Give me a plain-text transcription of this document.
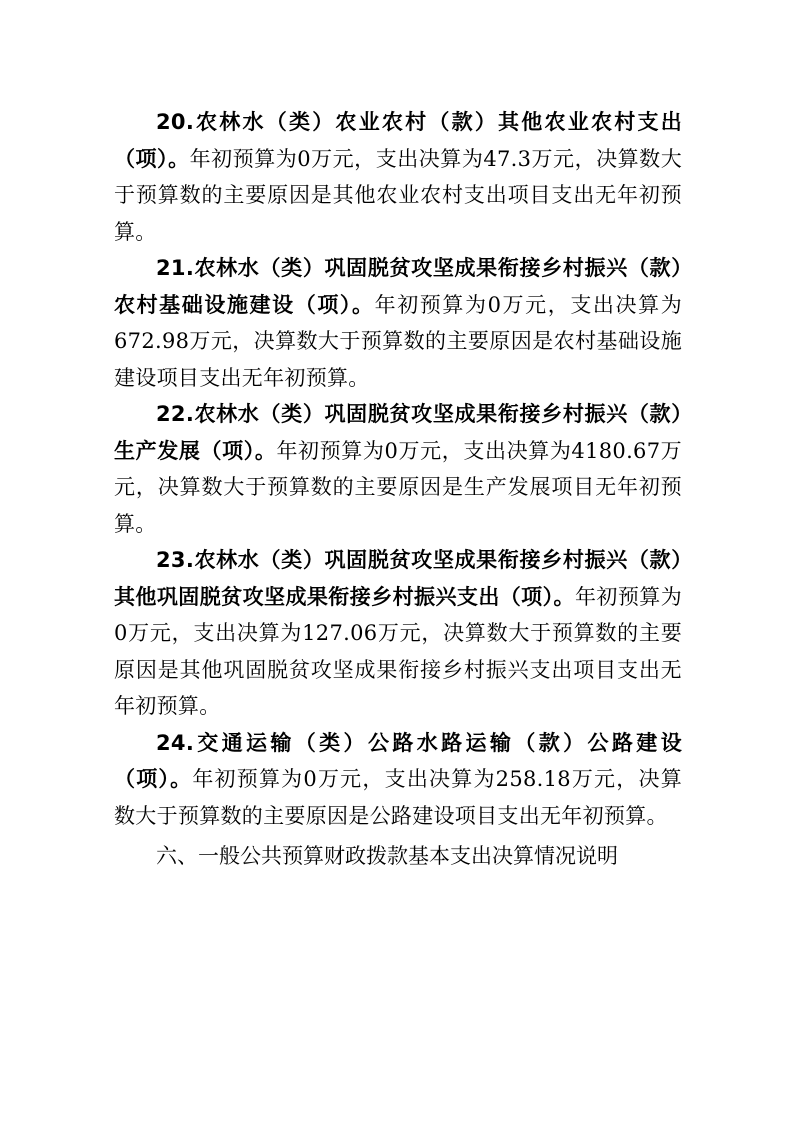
20.农林水（类）农业农村（款）其他农业农村支出（项）。年初预算为0万元，支出决算为47.3万元，决算数大于预算数的主要原因是其他农业农村支出项目支出无年初预算。

21.农林水（类）巩固脱贫攻坚成果衔接乡村振兴（款）农村基础设施建设（项）。年初预算为0万元，支出决算为672.98万元，决算数大于预算数的主要原因是农村基础设施建设项目支出无年初预算。

22.农林水（类）巩固脱贫攻坚成果衔接乡村振兴（款）生产发展（项）。年初预算为0万元，支出决算为4180.67万元，决算数大于预算数的主要原因是生产发展项目无年初预算。

23.农林水（类）巩固脱贫攻坚成果衔接乡村振兴（款）其他巩固脱贫攻坚成果衔接乡村振兴支出（项）。年初预算为0万元，支出决算为127.06万元，决算数大于预算数的主要原因是其他巩固脱贫攻坚成果衔接乡村振兴支出项目支出无年初预算。

24.交通运输（类）公路水路运输（款）公路建设（项）。年初预算为0万元，支出决算为258.18万元，决算数大于预算数的主要原因是公路建设项目支出无年初预算。

六、一般公共预算财政拨款基本支出决算情况说明
